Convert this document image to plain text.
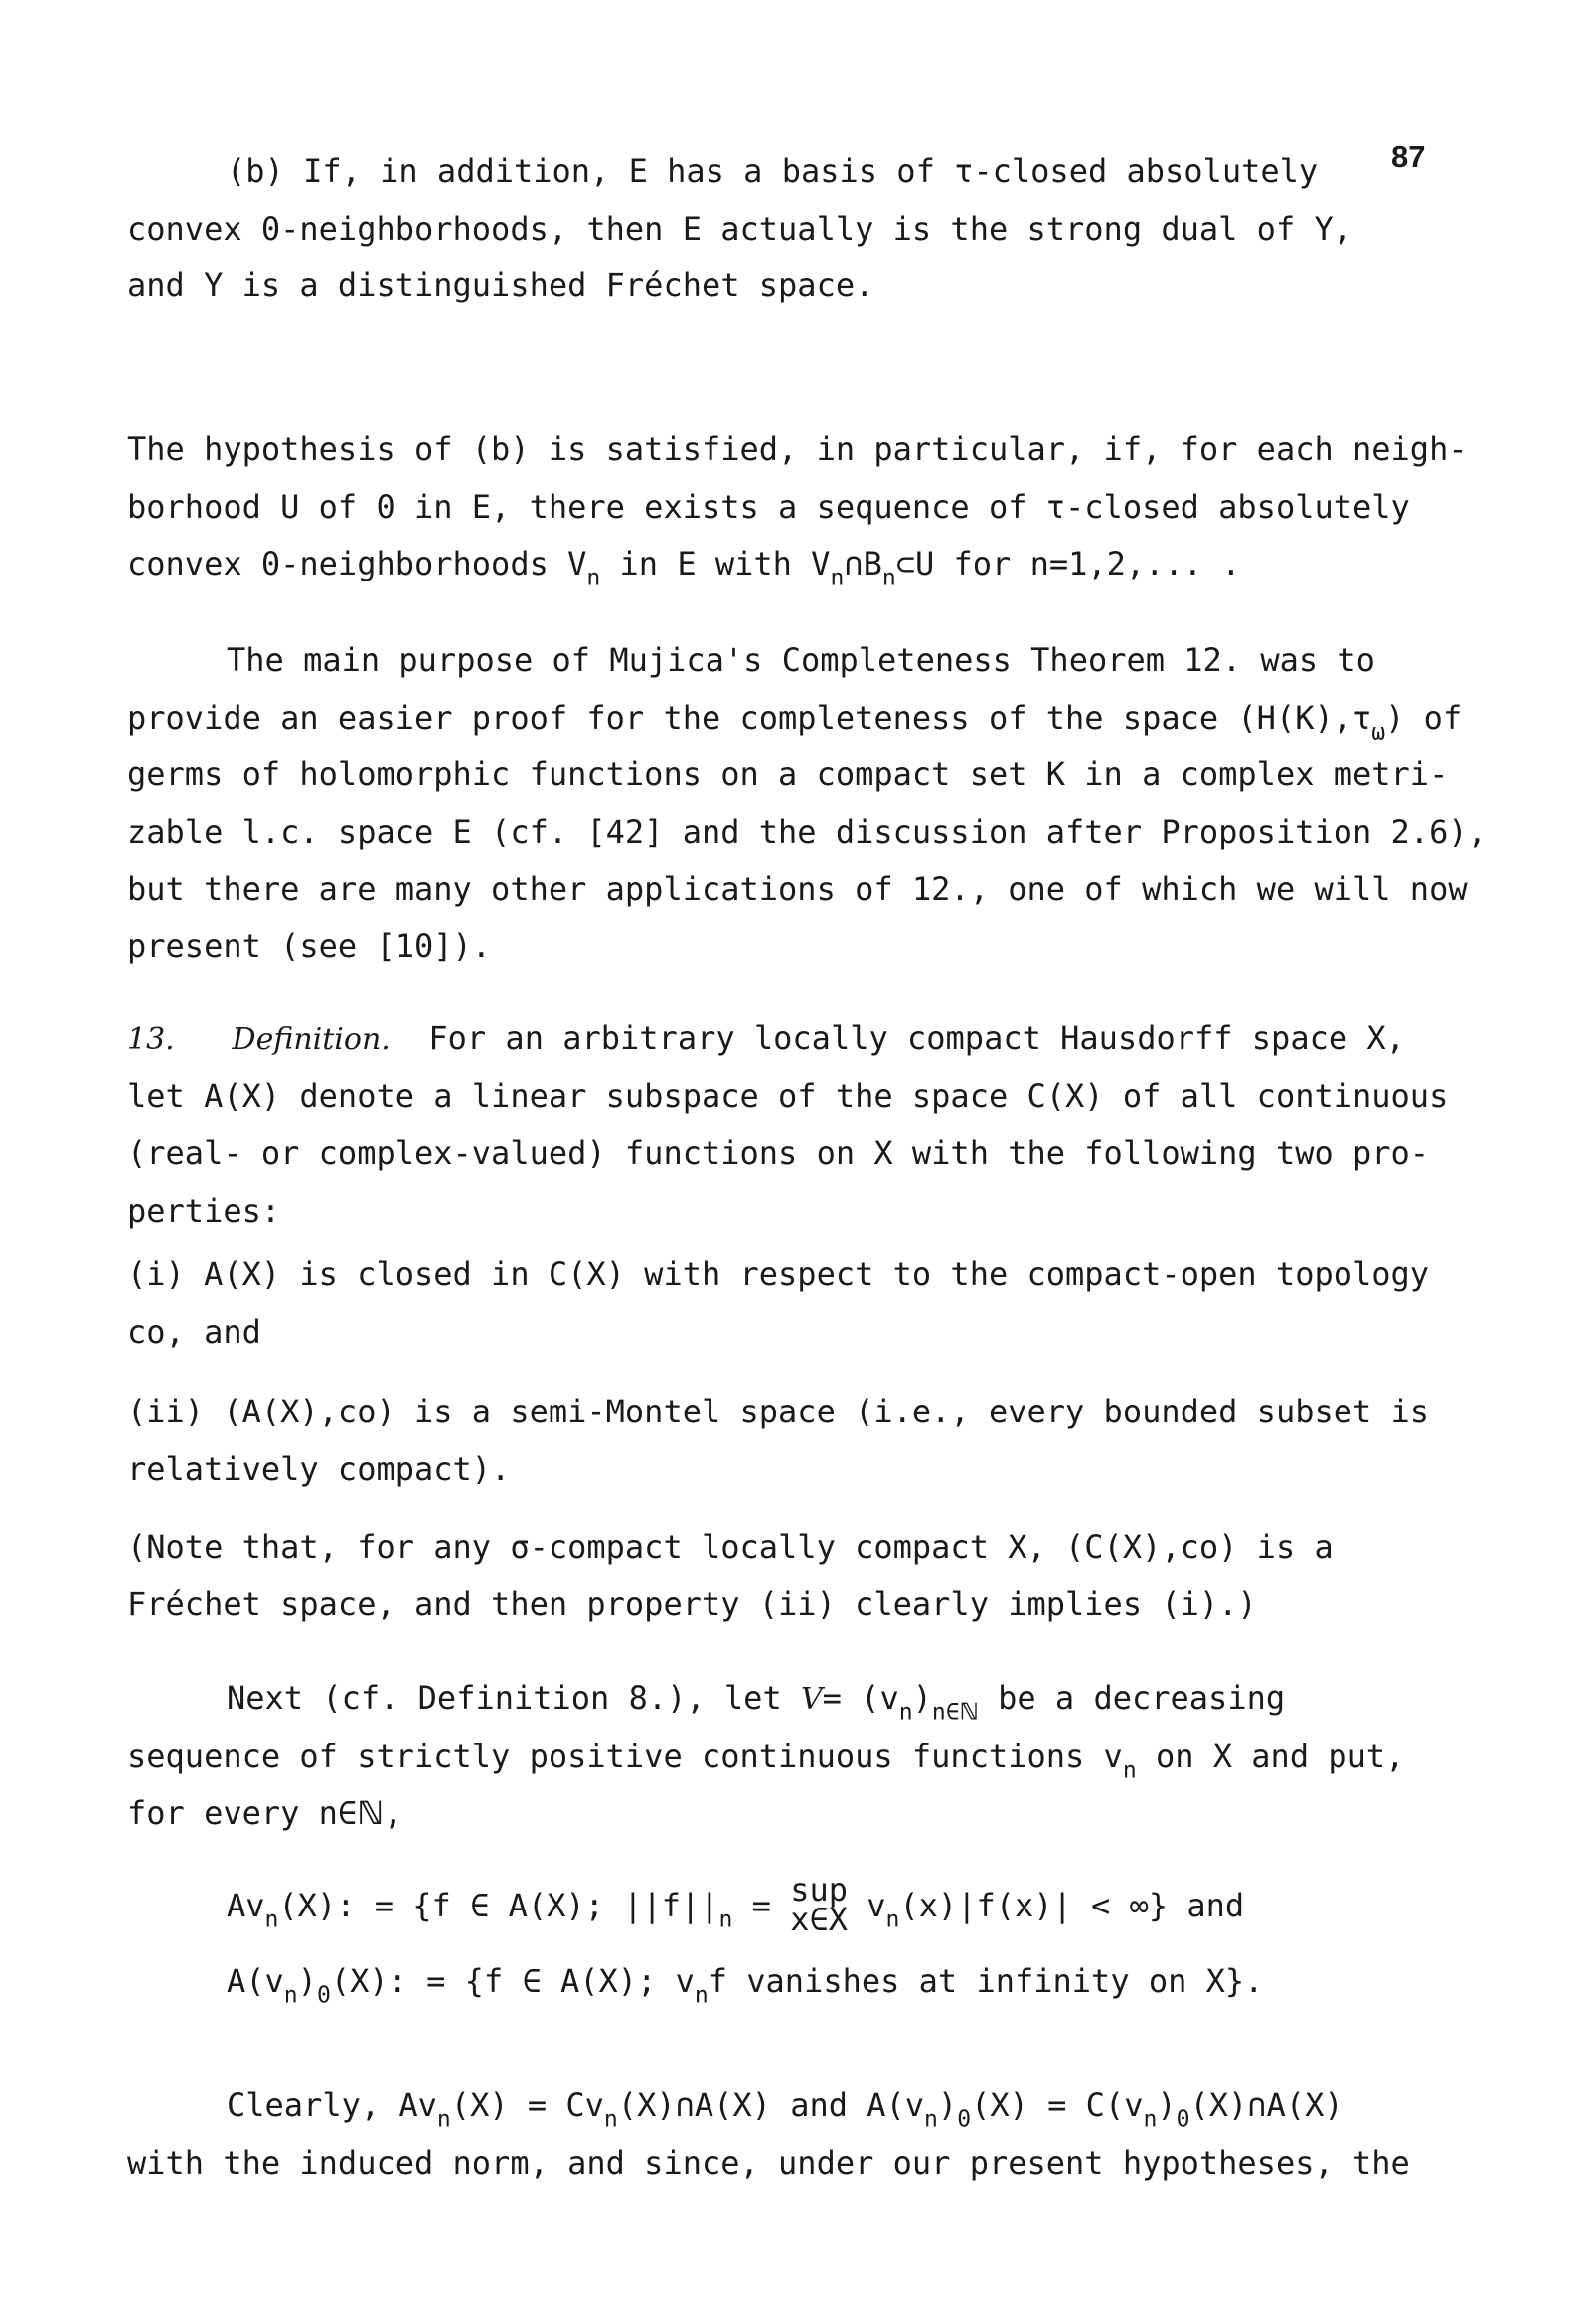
87
(b) If, in addition, E has a basis of τ-closed absolutely
convex 0-neighborhoods, then E actually is the strong dual of Y,
and Y is a distinguished Fréchet space.
The hypothesis of (b) is satisfied, in particular, if, for each neigh-
borhood U of 0 in E, there exists a sequence of τ-closed absolutely
convex 0-neighborhoods $V_n$ in E with $V_n\cap B_n\subset U$ for n=1,2,... .
The main purpose of Mujica's Completeness Theorem 12. was to
provide an easier proof for the completeness of the space $(H(K),\tau_\omega)$ of
germs of holomorphic functions on a compact set K in a complex metri-
zable l.c. space E (cf. [42] and the discussion after Proposition 2.6),
but there are many other applications of 12., one of which we will now
present (see [10]).
13. Definition. For an arbitrary locally compact Hausdorff space X,
let A(X) denote a linear subspace of the space C(X) of all continuous
(real- or complex-valued) functions on X with the following two pro-
perties:
(i) A(X) is closed in C(X) with respect to the compact-open topology
co, and
(ii) (A(X),co) is a semi-Montel space (i.e., every bounded subset is
relatively compact).
(Note that, for any σ-compact locally compact X, (C(X),co) is a
Fréchet space, and then property (ii) clearly implies (i).)
Next (cf. Definition 8.), let $V= (v_n)_{n\in ℕ}$ be a decreasing
sequence of strictly positive continuous functions $v_n$ on X and put,
for every n∈ℕ,
$Av_n(X)$: = {f ∈ A(X); $||f||_n$ = sup
x∈X $v_n(x)|f(x)|$ < ∞} and
$A(v_n)_0(X)$: = {f ∈ A(X); $v_nf$ vanishes at infinity on X}.
Clearly, $Av_n(X)$ = $Cv_n(X)\cap A(X)$ and $A(v_n)_0(X)$ = $C(v_n)_0(X)\cap A(X)$
with the induced norm, and since, under our present hypotheses, the
